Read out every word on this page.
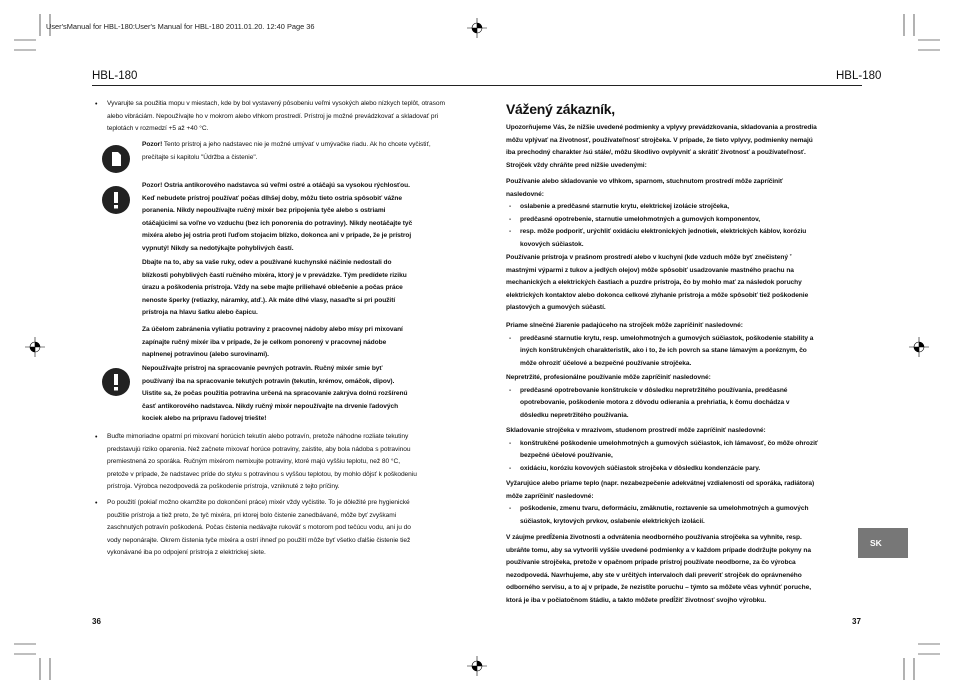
User'sManual for HBL-180:User's Manual for HBL-180 2011.01.20. 12:40 Page 36
HBL-180
• Vyvarujte sa použitia mopu v miestach, kde by bol vystavený pôsobeniu veľmi vysokých alebo nízkych teplôt, otrasom alebo vibráciám. Nepoužívajte ho v mokrom alebo vlhkom prostredí. Prístroj je možné prevádzkovať a skladovať pri teplotách v rozmedzí +5 až +40 °C.
Pozor! Tento prístroj a jeho nadstavec nie je možné umývať v umývačke riadu. Ak ho chcete vyčistiť, prečítajte si kapitolu "Údržba a čistenie".
Pozor! Ostria antikorového nadstavca sú veľmi ostré a otáčajú sa vysokou rýchlosťou.
Keď nebudete prístroj používať počas dlhšej doby, môžu tieto ostria spôsobiť vážne
poranenia. Nikdy nepoužívajte ručný mixér bez pripojenia tyče alebo s ostriami
otáčajúcimi sa voľne vo vzduchu (bez ich ponorenia do potraviny). Nikdy neotáčajte tyč
mixéra alebo jej ostria proti ľuďom stojacim blízko, dokonca ani v prípade, že je prístroj
vypnutý! Nikdy sa nedotýkajte pohyblivých častí.
Dbajte na to, aby sa vaše ruky, odev a používané kuchynské náčinie nedostali do
blízkosti pohyblivých častí ručného mixéra, ktorý je v prevádzke. Tým predídete riziku
úrazu a poškodenia prístroja. Vždy na sebe majte priliehavé oblečenie a počas práce
nenoste šperky (retiazky, náramky, atď.). Ak máte dlhé vlasy, nasaďte si pri použití
prístroja na hlavu šatku alebo čapicu.
Za účelom zabránenia vyliatiu potraviny z pracovnej nádoby alebo mísy pri mixovaní
zapínajte ručný mixér iba v prípade, že je celkom ponorený v pracovnej nádobe
naplnenej potravinou (alebo surovinami).
Nepoužívajte prístroj na spracovanie pevných potravín. Ručný mixér smie byť
používaný iba na spracovanie tekutých potravín (tekutín, krémov, omáčok, dipov).
Uistite sa, že počas použitia potravina určená na spracovanie zakrýva dolnú rozšírenú
časť antikorového nadstavca. Nikdy ručný mixér nepoužívajte na drvenie ľadových
kociek alebo na prípravu ľadovej triešte!
• Buďte mimoriadne opatrní pri mixovaní horúcich tekutín alebo potravín, pretože náhodne rozliate tekutiny
predstavujú riziko oparenia. Než začnete mixovať horúce potraviny, zaistite, aby bola nádoba s potravinou
premiestnená zo sporáka. Ručným mixérom nemixujte potraviny, ktoré majú vyššiu teplotu, než 80 °C,
pretože v prípade, že nadstavec príde do styku s potravinou s vyššou teplotou, by mohlo dôjsť k poškodeniu
prístroja. Výrobca nezodpovedá za poškodenie prístroja, vzniknuté z tejto príčiny.
• Po použití (pokiaľ možno okamžite po dokončení práce) mixér vždy vyčistite. To je dôležité pre hygienické
použitie prístroja a tiež preto, že tyč mixéra, pri ktorej bolo čistenie zanedbávané, môže byť zvyškami
zaschnutých potravín poškodená. Počas čistenia nedávajte rukoväť s motorom pod tečúcu vodu, ani ju do
vody neponárajte. Okrem čistenia tyče mixéra a ostrí ihneď po použití môže byť všetko ďalšie čistenie tiež
vykonávané iba po odpojení prístroja z elektrickej siete.
36
HBL-180
Vážený zákazník,
Upozorňujeme Vás, že nižšie uvedené podmienky a vplyvy prevádzkovania, skladovania a prostredia
môžu vplývať na životnosť, používateľnosť strojčeka. V prípade, že tieto vplyvy, podmienky nemajú
iba prechodný charakter /sú stále/, môžu škodlivo ovplyvniť a skrátiť životnosť a používateľnosť.
Strojček vždy chráňte pred nižšie uvedenými:
Používanie alebo skladovanie vo vlhkom, sparnom, stuchnutom prostredí môže zapríčiniť
nasledovné:
- oslabenie a predčasné starnutie krytu, elektrickej izolácie strojčeka,
- predčasné opotrebenie, starnutie umelohmotných a gumových komponentov,
- resp. môže podporiť, urýchliť oxidáciu elektronických jednotiek, elektrických káblov, koróziu
kovových súčiastok.
Používanie prístroja v prašnom prostredí alebo v kuchyni (kde vzduch môže byť znečistený ˚
mastnými výparmi z tukov a jedlých olejov) môže spôsobiť usadzovanie mastného prachu na
mechanických a elektrických častiach a puzdre prístroja, čo by mohlo mať za následok poruchy
elektrických kontaktov alebo dokonca celkové zlyhanie prístroja a môže spôsobiť tiež poškodenie
plastových a gumových súčastí.
Priame slnečné žiarenie padajúceho na strojček môže zapríčiniť nasledovné:
- predčasné starnutie krytu, resp. umelohmotných a gumových súčiastok, poškodenie stability a
iných konštrukčných charakteristík, ako i to, že ich povrch sa stane lámavým a poréznym, čo
môže ohroziť účelové a bezpečné používanie strojčeka.
Nepretržité, profesionálne používanie môže zapríčiniť nasledovné:
- predčasné opotrebovanie konštrukcie v dôsledku nepretržitého používania, predčasné
opotrebovanie, poškodenie motora z dôvodu odierania a prehriatia, k čomu dochádza v
dôsledku nepretržitého používania.
Skladovanie strojčeka v mrazivom, studenom prostredí môže zapríčiniť nasledovné:
- konštrukčné poškodenie umelohmotných a gumových súčiastok, ich lámavosť, čo môže ohroziť
bezpečné účelové používanie,
- oxidáciu, koróziu kovových súčiastok strojčeka v dôsledku kondenzácie pary.
Vyžarujúce alebo priame teplo (napr. nezabezpečenie adekvátnej vzdialenosti od sporáka, radiátora)
môže zapríčiniť nasledovné:
- poškodenie, zmenu tvaru, deformáciu, zmäknutie, roztavenie sa umelohmotných a gumových
súčiastok, krytových prvkov, oslabenie elektrických izolácií.
V záujme predĺženia životnosti a odvrátenia neodborného používania strojčeka sa vyhnite, resp.
ubráňte tomu, aby sa vytvorili vyššie uvedené podmienky a v každom prípade dodržujte pokyny na
používanie strojčeka, pretože v opačnom prípade prístroj používate neodborne, za čo výrobca
nezodpovedá. Navrhujeme, aby ste v určitých intervaloch dali preveriť strojček do oprávneného
odborného servisu, a to aj v prípade, že nezistíte poruchu – týmto sa môžete včas vyhnúť poruche,
ktorá je iba v počiatočnom štádiu, a takto môžete predĺžiť životnosť svojho výrobku.
SK
37
